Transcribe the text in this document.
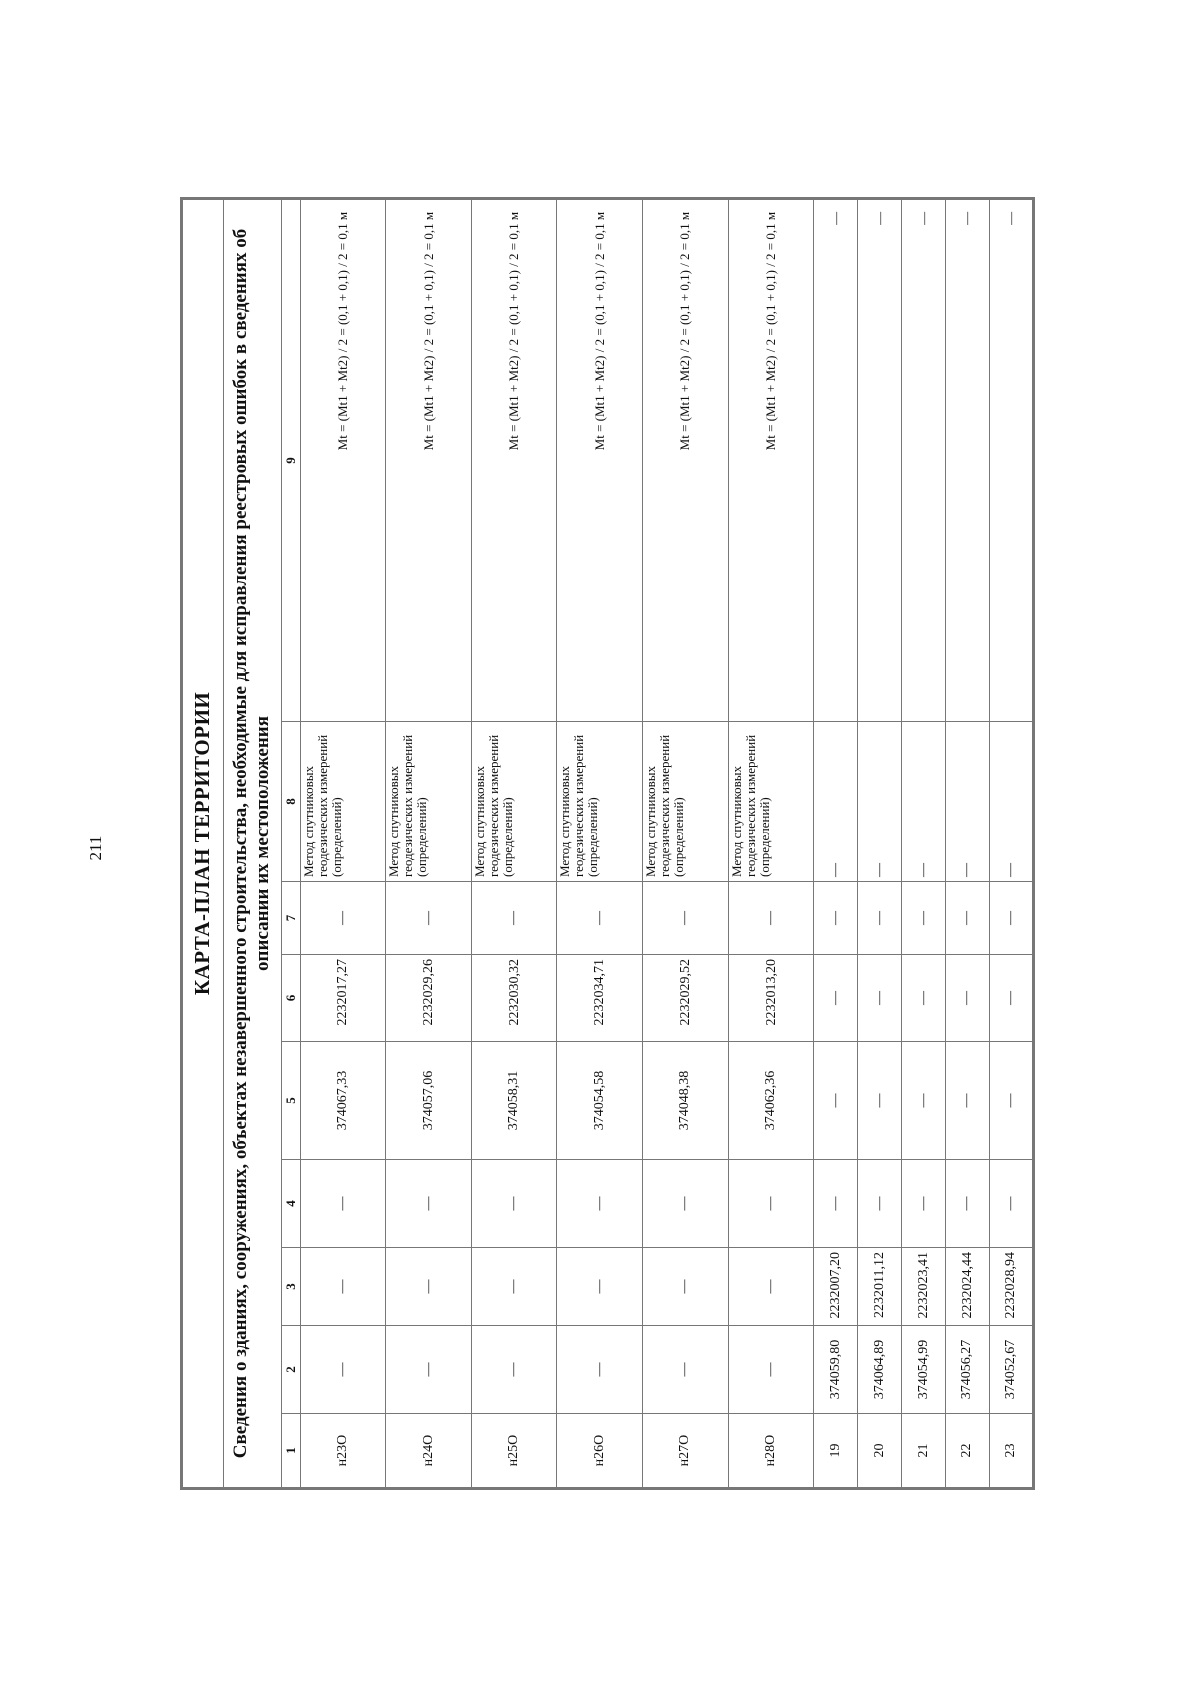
211	КАРТА-ПЛАН ТЕРРИТОРИИ								
Сведения о зданиях, сооружениях, объектах незавершенного строительства, необходимые для исправления реестровых ошибок в сведениях об описании их местоположения								
1	2	3	4	5	6	7	8	9
н23О	—	—	—	374067,33	2232017,27	—	Метод спутниковых геодезических измерений (определений)	Mt = (Mt1 + Mt2) / 2 = (0,1 + 0,1) / 2 = 0,1 м
н24О	—	—	—	374057,06	2232029,26	—	Метод спутниковых геодезических измерений (определений)	Mt = (Mt1 + Mt2) / 2 = (0,1 + 0,1) / 2 = 0,1 м
н25О	—	—	—	374058,31	2232030,32	—	Метод спутниковых геодезических измерений (определений)	Mt = (Mt1 + Mt2) / 2 = (0,1 + 0,1) / 2 = 0,1 м
н26О	—	—	—	374054,58	2232034,71	—	Метод спутниковых геодезических измерений (определений)	Mt = (Mt1 + Mt2) / 2 = (0,1 + 0,1) / 2 = 0,1 м
н27О	—	—	—	374048,38	2232029,52	—	Метод спутниковых геодезических измерений (определений)	Mt = (Mt1 + Mt2) / 2 = (0,1 + 0,1) / 2 = 0,1 м
н28О	—	—	—	374062,36	2232013,20	—	Метод спутниковых геодезических измерений (определений)	Mt = (Mt1 + Mt2) / 2 = (0,1 + 0,1) / 2 = 0,1 м
19	374059,80	2232007,20	—	—	—	—	—	—
20	374064,89	2232011,12	—	—	—	—	—	—
21	374054,99	2232023,41	—	—	—	—	—	—
22	374056,27	2232024,44	—	—	—	—	—	—
23	374052,67	2232028,94	—	—	—	—	—	—
